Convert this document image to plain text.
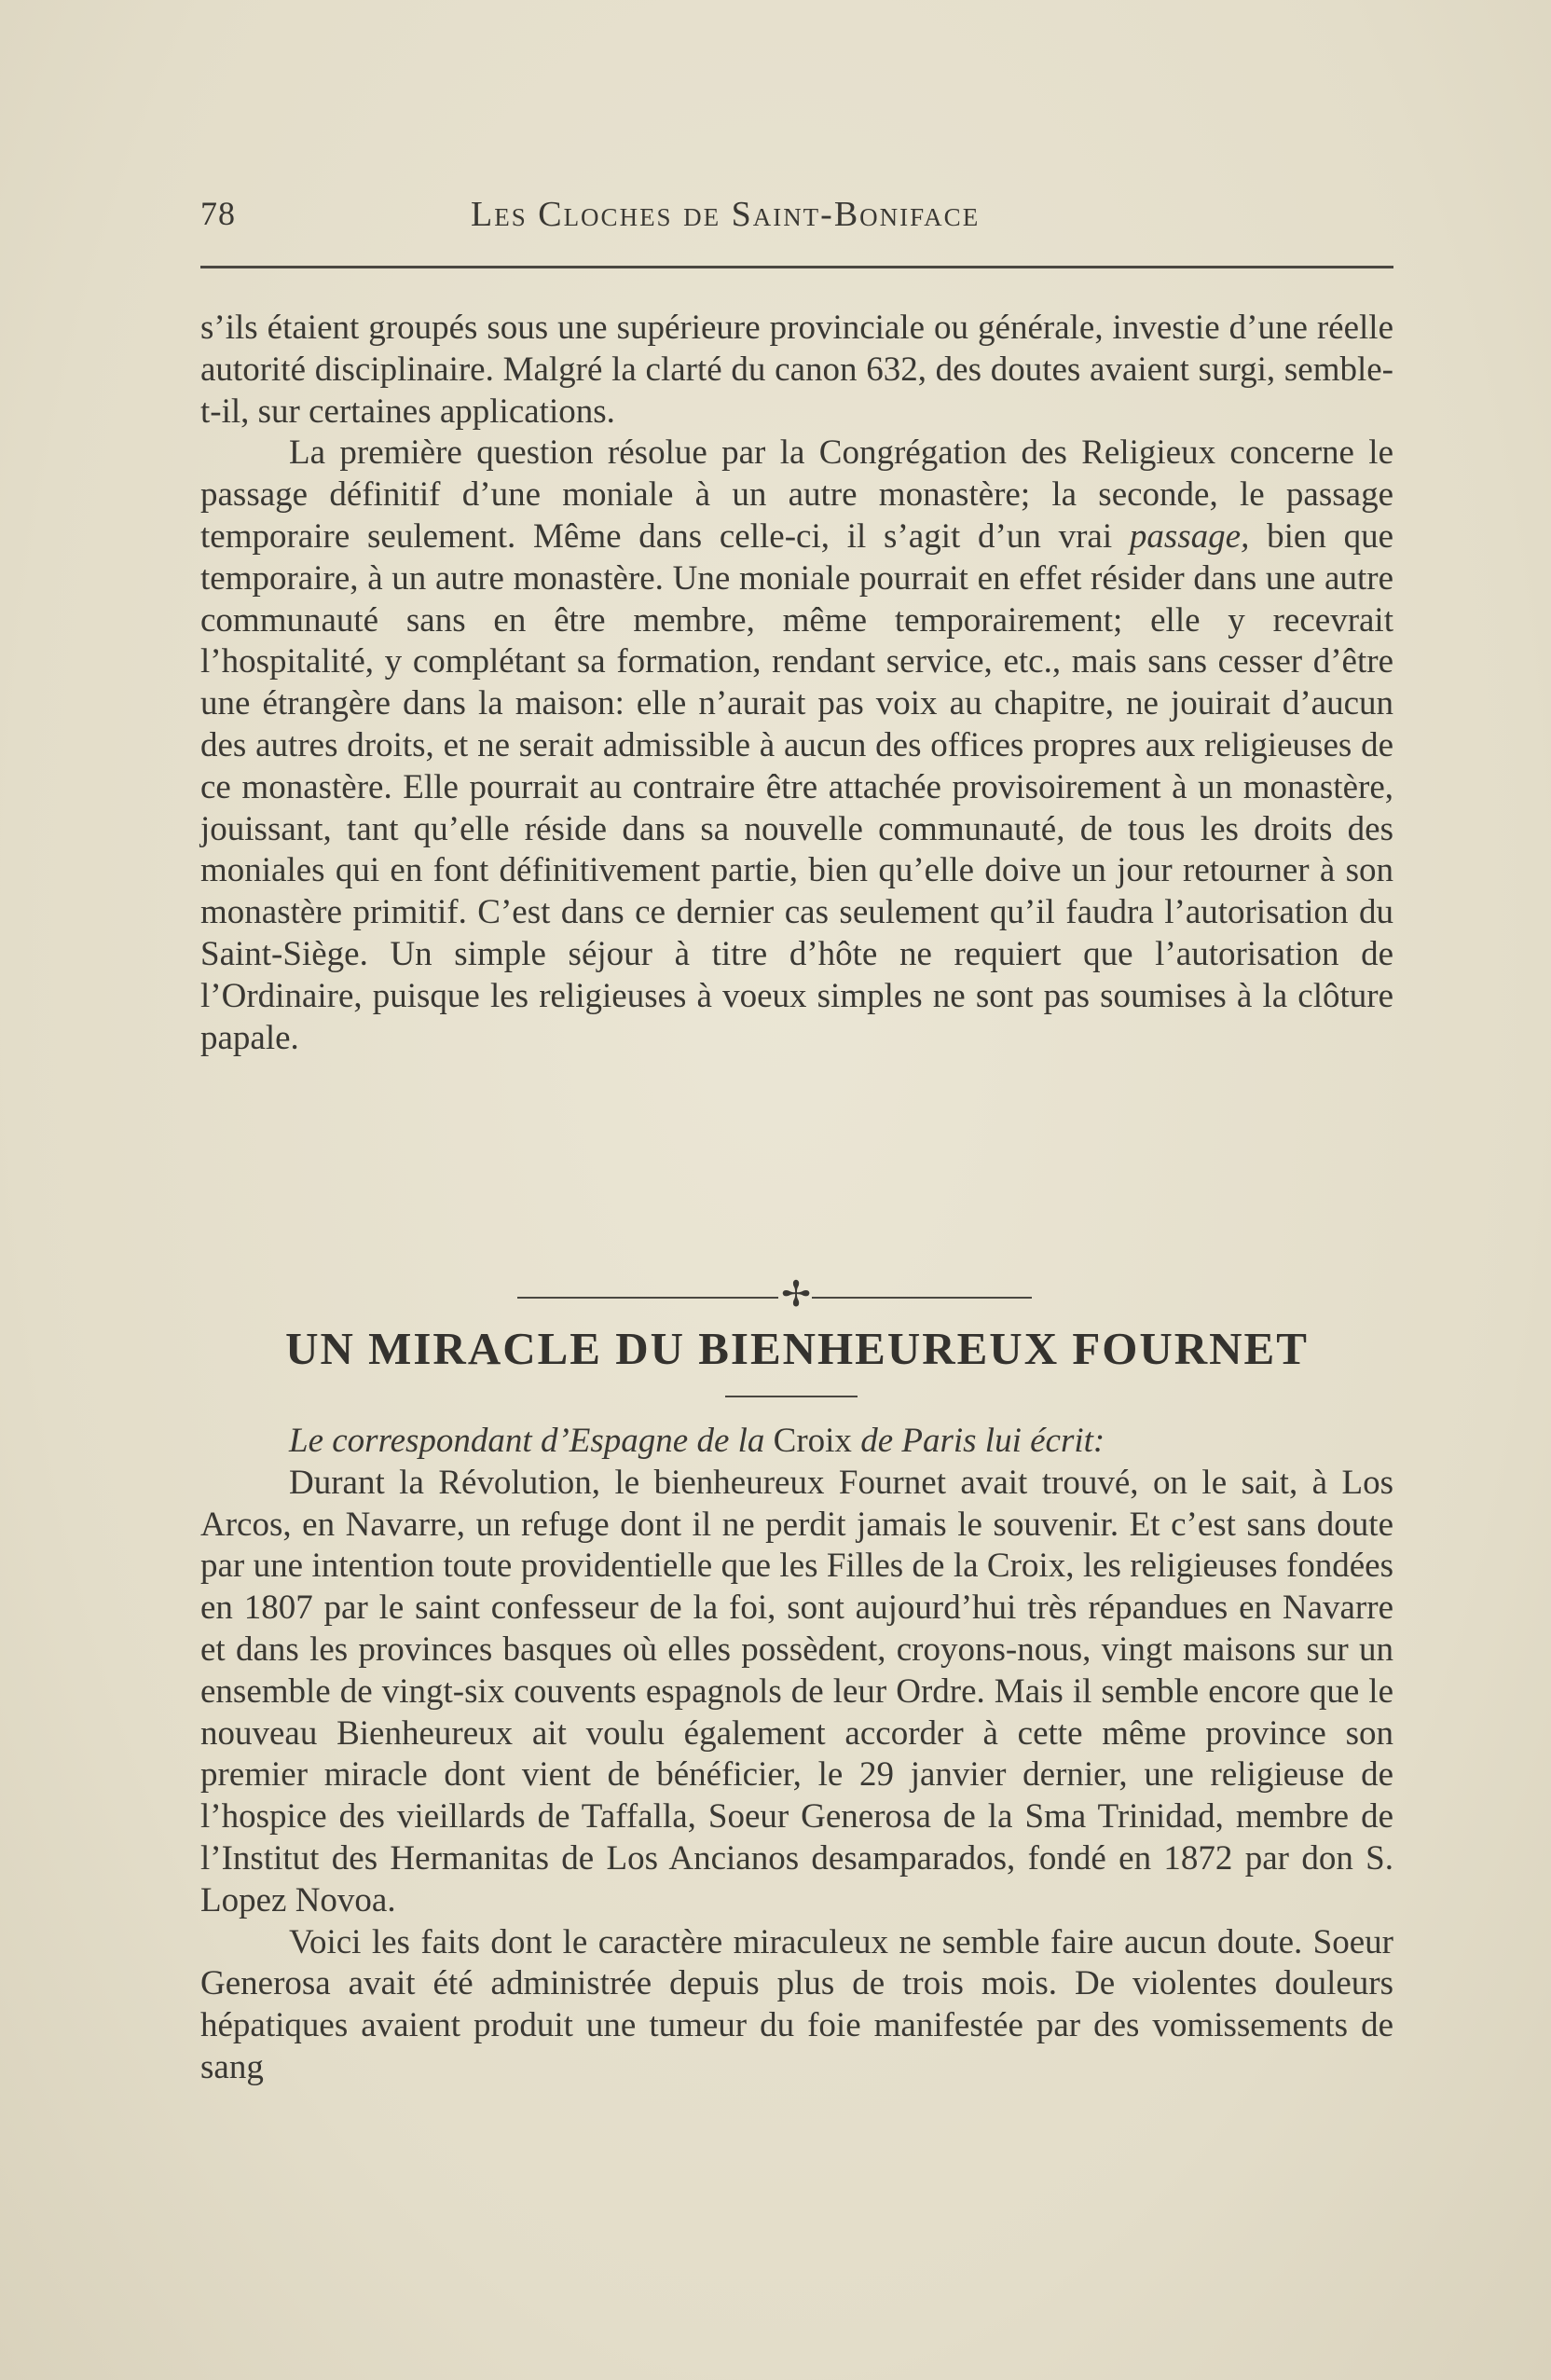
78	Les Cloches de Saint-Boniface

s’ils étaient groupés sous une supérieure provinciale ou générale, investie d’une réelle autorité disciplinaire. Malgré la clarté du canon 632, des doutes avaient surgi, semble-t-il, sur certaines applications.

La première question résolue par la Congrégation des Religieux concerne le passage définitif d’une moniale à un autre monastère; la seconde, le passage temporaire seulement. Même dans celle-ci, il s’agit d’un vrai passage, bien que temporaire, à un autre monastère. Une moniale pourrait en effet résider dans une autre communauté sans en être membre, même temporairement; elle y recevrait l’hospitalité, y complétant sa formation, rendant service, etc., mais sans cesser d’être une étrangère dans la maison: elle n’aurait pas voix au chapitre, ne jouirait d’aucun des autres droits, et ne serait admissible à aucun des offices propres aux religieuses de ce monastère. Elle pourrait au contraire être attachée provisoirement à un monastère, jouissant, tant qu’elle réside dans sa nouvelle communauté, de tous les droits des moniales qui en font définitivement partie, bien qu’elle doive un jour retourner à son monastère primitif. C’est dans ce dernier cas seulement qu’il faudra l’autorisation du Saint-Siège. Un simple séjour à titre d’hôte ne requiert que l’autorisation de l’Ordinaire, puisque les religieuses à voeux simples ne sont pas soumises à la clôture papale.

✢
UN MIRACLE DU BIENHEUREUX FOURNET

Le correspondant d’Espagne de la Croix de Paris lui écrit:

Durant la Révolution, le bienheureux Fournet avait trouvé, on le sait, à Los Arcos, en Navarre, un refuge dont il ne perdit jamais le souvenir. Et c’est sans doute par une intention toute providentielle que les Filles de la Croix, les religieuses fondées en 1807 par le saint confesseur de la foi, sont aujourd’hui très répandues en Navarre et dans les provinces basques où elles possèdent, croyons-nous, vingt maisons sur un ensemble de vingt-six couvents espagnols de leur Ordre. Mais il semble encore que le nouveau Bienheureux ait voulu également accorder à cette même province son premier miracle dont vient de bénéficier, le 29 janvier dernier, une religieuse de l’hospice des vieillards de Taffalla, Soeur Generosa de la Sma Trinidad, membre de l’Institut des Hermanitas de Los Ancianos desamparados, fondé en 1872 par don S. Lopez Novoa.

Voici les faits dont le caractère miraculeux ne semble faire aucun doute. Soeur Generosa avait été administrée depuis plus de trois mois. De violentes douleurs hépatiques avaient produit une tumeur du foie manifestée par des vomissements de sang
